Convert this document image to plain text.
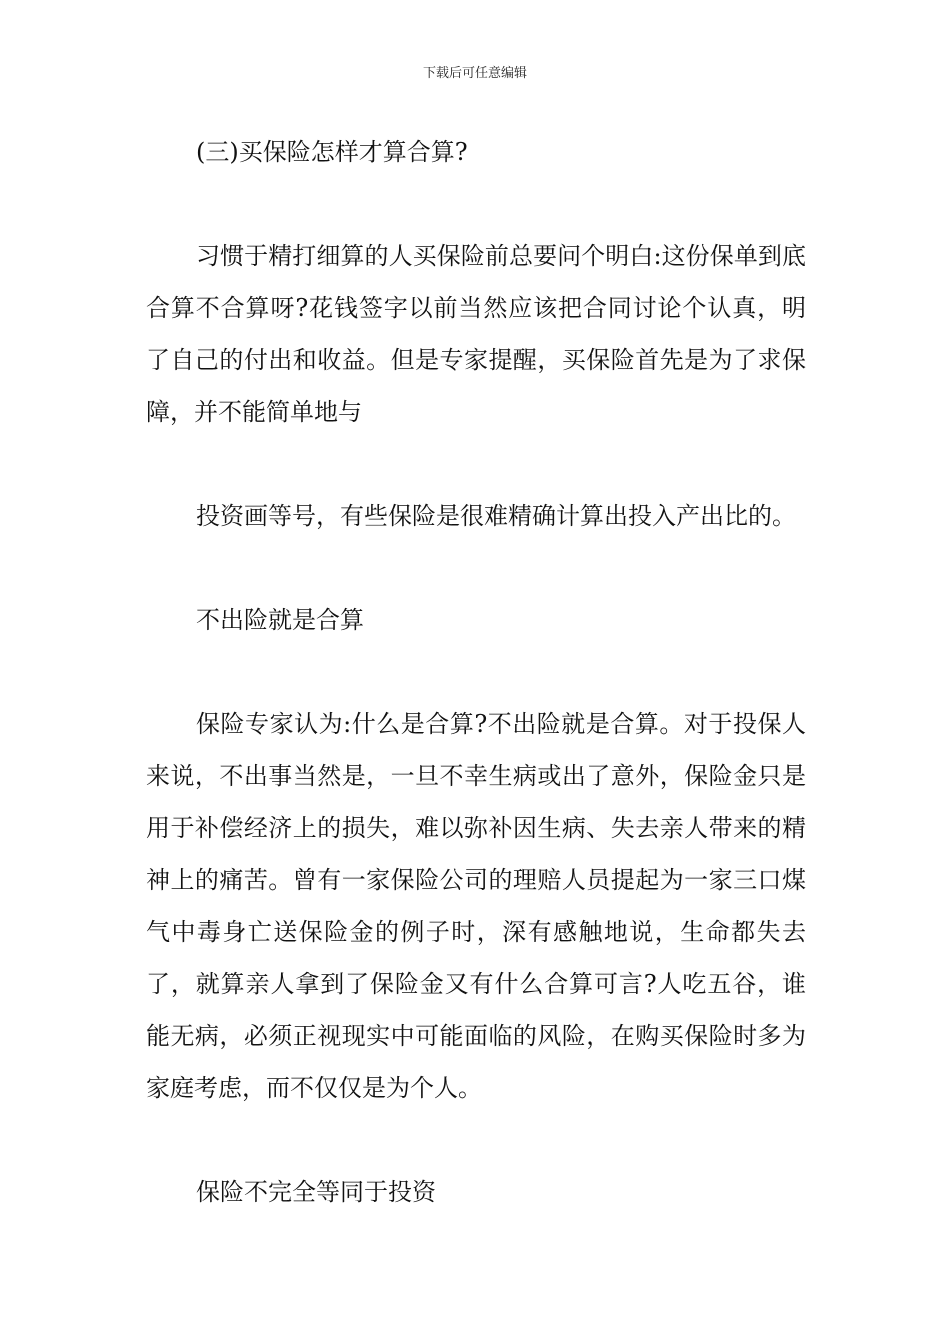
下载后可任意编辑

(三)买保险怎样才算合算?

习惯于精打细算的人买保险前总要问个明白:这份保单到底合算不合算呀?花钱签字以前当然应该把合同讨论个认真，明了自己的付出和收益。但是专家提醒，买保险首先是为了求保障，并不能简单地与

投资画等号，有些保险是很难精确计算出投入产出比的。

不出险就是合算

保险专家认为:什么是合算?不出险就是合算。对于投保人来说，不出事当然是，一旦不幸生病或出了意外，保险金只是用于补偿经济上的损失，难以弥补因生病、失去亲人带来的精神上的痛苦。曾有一家保险公司的理赔人员提起为一家三口煤气中毒身亡送保险金的例子时，深有感触地说，生命都失去了，就算亲人拿到了保险金又有什么合算可言?人吃五谷，谁能无病，必须正视现实中可能面临的风险，在购买保险时多为家庭考虑，而不仅仅是为个人。

保险不完全等同于投资
